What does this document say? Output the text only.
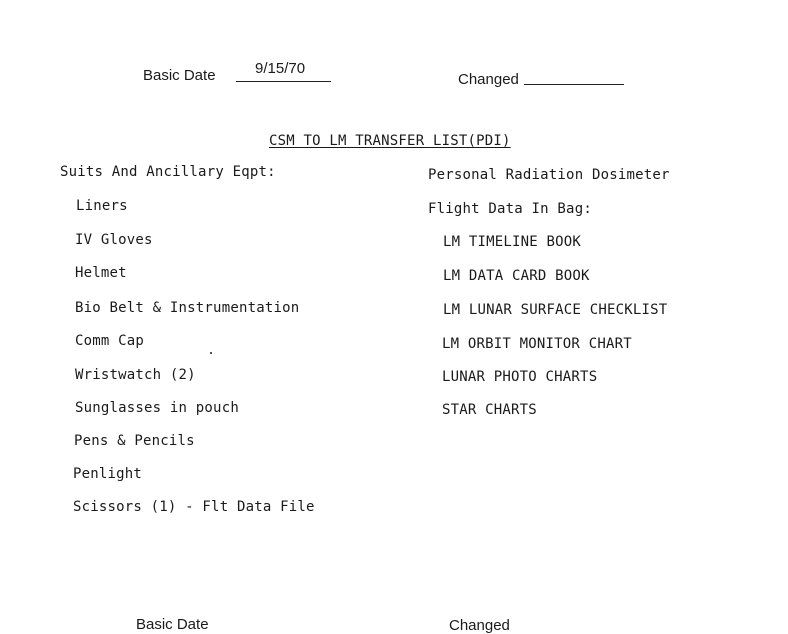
Basic Date	9/15/70
Changed
CSM TO LM TRANSFER LIST(PDI)
Suits And Ancillary Eqpt:
Liners
IV Gloves
Helmet
Bio Belt & Instrumentation
Comm Cap
Wristwatch (2)
Sunglasses in pouch
Pens & Pencils
Penlight
Scissors (1) - Flt Data File
Personal Radiation Dosimeter
Flight Data In Bag:
LM TIMELINE BOOK
LM DATA CARD BOOK
LM LUNAR SURFACE CHECKLIST
LM ORBIT MONITOR CHART
LUNAR PHOTO CHARTS
STAR CHARTS
Basic Date	Changed
